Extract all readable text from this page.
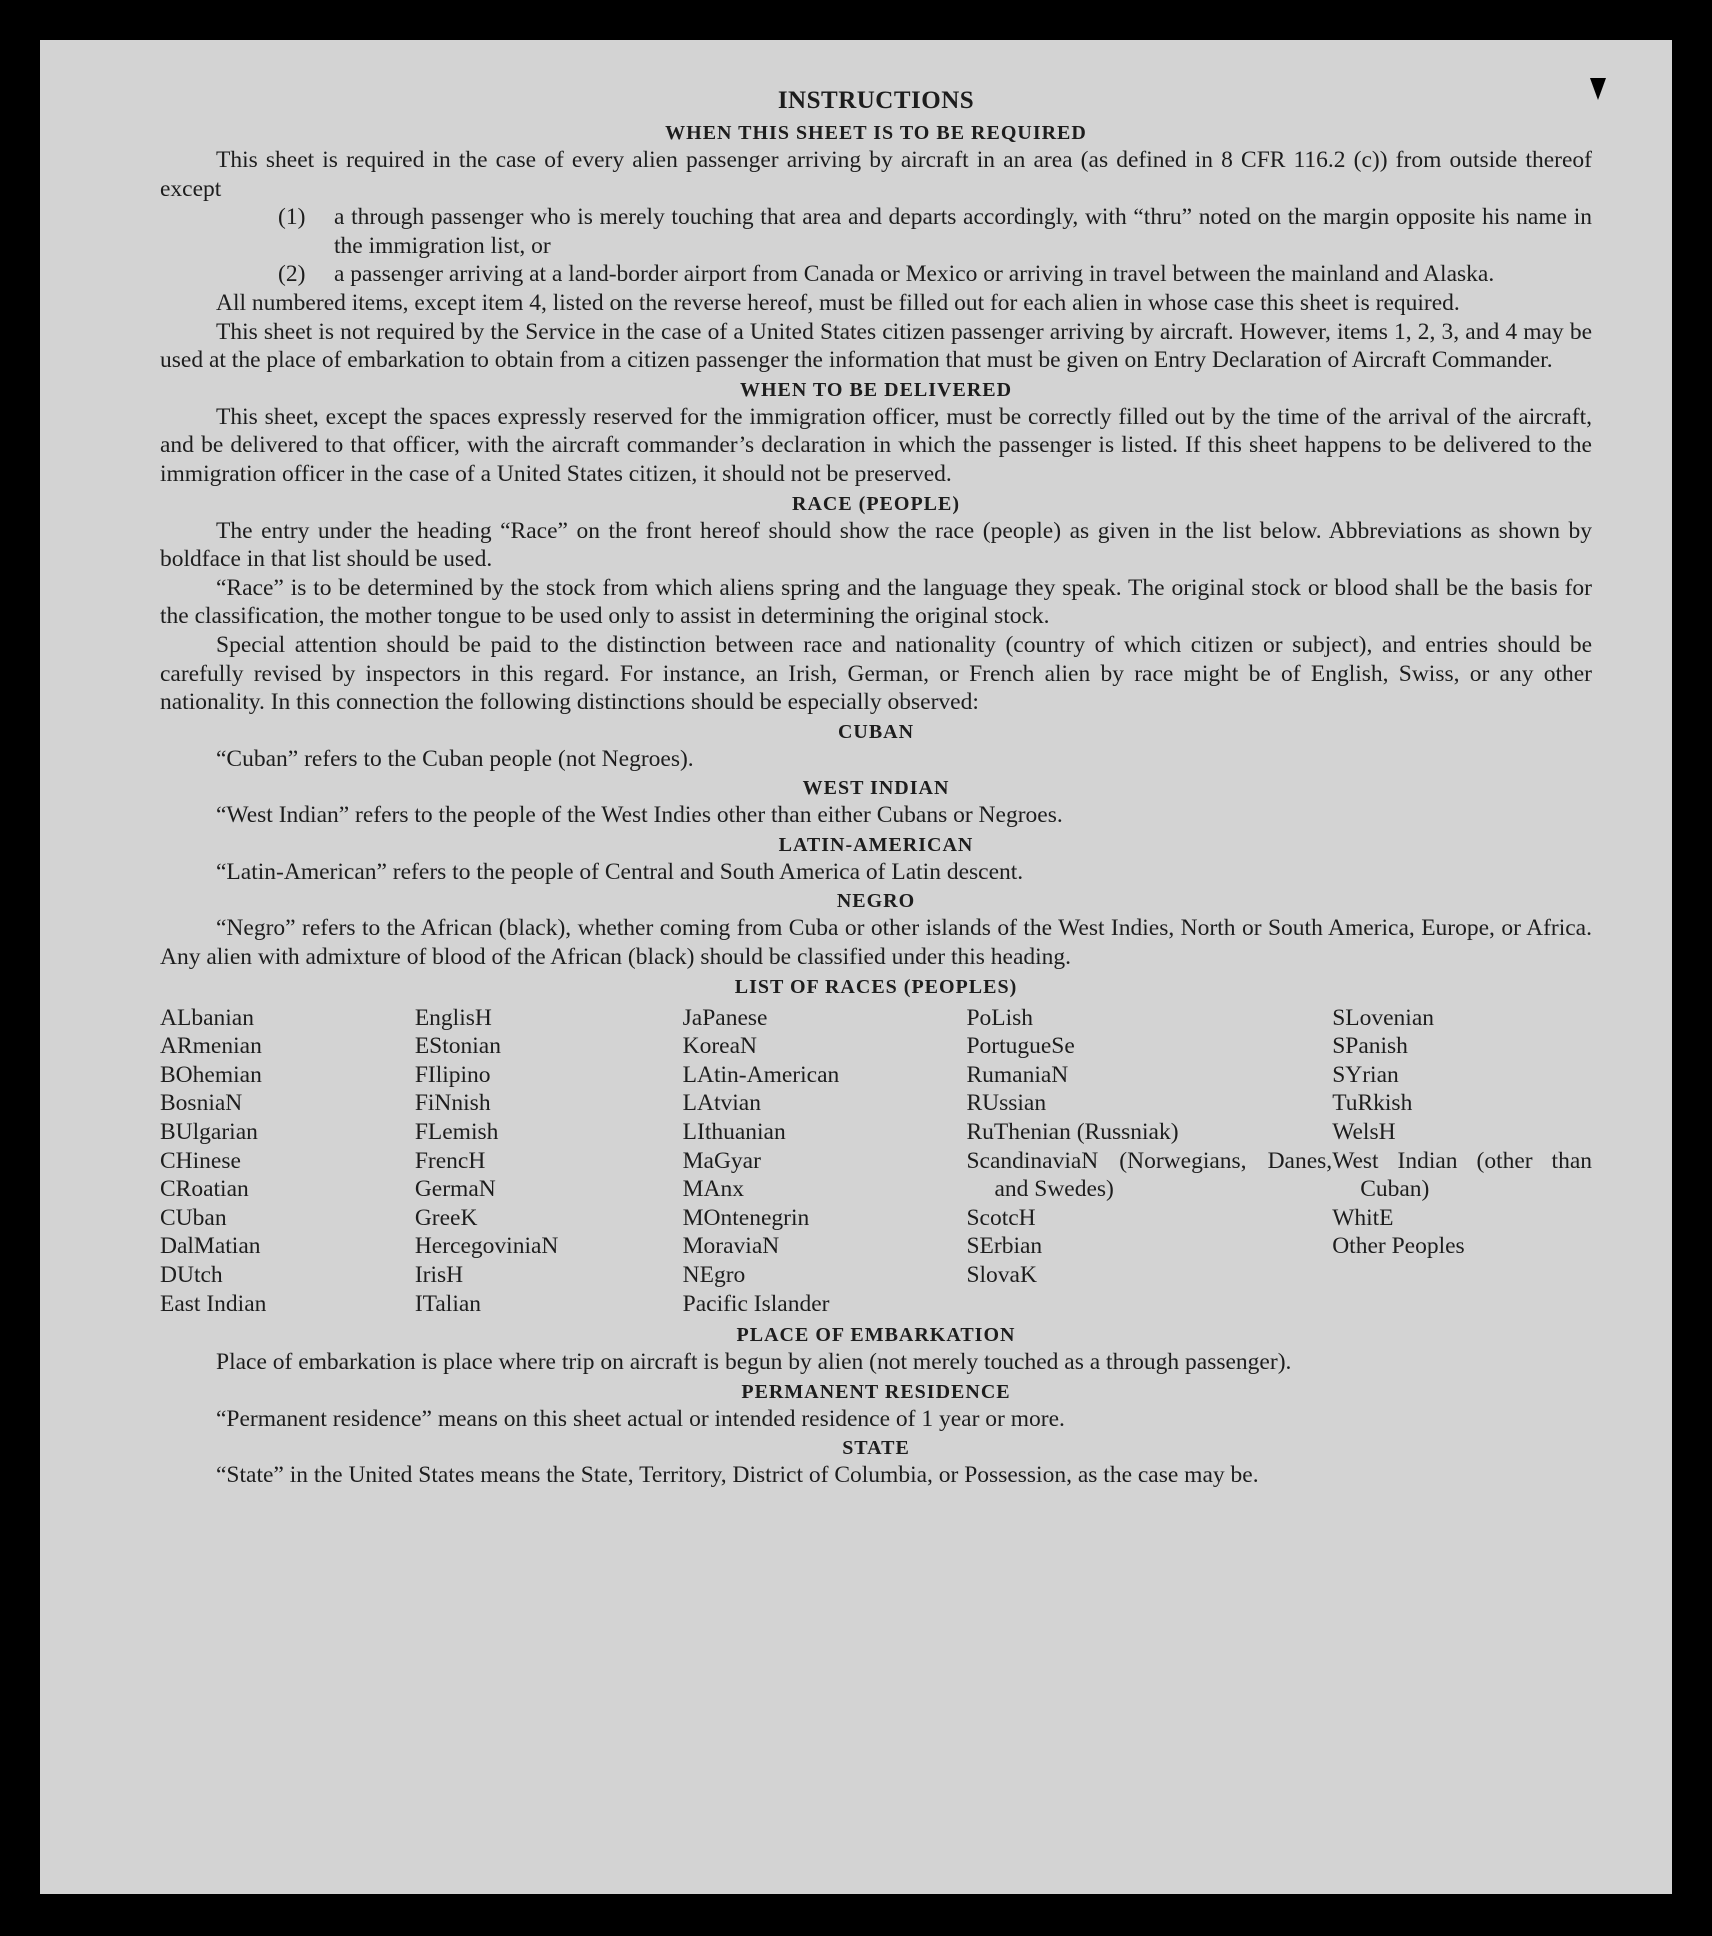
INSTRUCTIONS
WHEN THIS SHEET IS TO BE REQUIRED

This sheet is required in the case of every alien passenger arriving by aircraft in an area (as defined in 8 CFR 116.2 (c)) from outside thereof except

(1)	a through passenger who is merely touching that area and departs accordingly, with “thru” noted on the margin opposite his name in the immigration list, or
(2)	a passenger arriving at a land-border airport from Canada or Mexico or arriving in travel between the mainland and Alaska.

All numbered items, except item 4, listed on the reverse hereof, must be filled out for each alien in whose case this sheet is required.

This sheet is not required by the Service in the case of a United States citizen passenger arriving by aircraft. However, items 1, 2, 3, and 4 may be used at the place of embarkation to obtain from a citizen passenger the information that must be given on Entry Declaration of Aircraft Commander.

WHEN TO BE DELIVERED

This sheet, except the spaces expressly reserved for the immigration officer, must be correctly filled out by the time of the arrival of the aircraft, and be delivered to that officer, with the aircraft commander’s declaration in which the passenger is listed. If this sheet happens to be delivered to the immigration officer in the case of a United States citizen, it should not be preserved.

RACE (PEOPLE)

The entry under the heading “Race” on the front hereof should show the race (people) as given in the list below. Abbreviations as shown by boldface in that list should be used.

“Race” is to be determined by the stock from which aliens spring and the language they speak. The original stock or blood shall be the basis for the classification, the mother tongue to be used only to assist in determining the original stock.

Special attention should be paid to the distinction between race and nationality (country of which citizen or subject), and entries should be carefully revised by inspectors in this regard. For instance, an Irish, German, or French alien by race might be of English, Swiss, or any other nationality. In this connection the following distinctions should be especially observed:

CUBAN

“Cuban” refers to the Cuban people (not Negroes).

WEST INDIAN

“West Indian” refers to the people of the West Indies other than either Cubans or Negroes.

LATIN-AMERICAN

“Latin-American” refers to the people of Central and South America of Latin descent.

NEGRO

“Negro” refers to the African (black), whether coming from Cuba or other islands of the West Indies, North or South America, Europe, or Africa. Any alien with admixture of blood of the African (black) should be classified under this heading.

LIST OF RACES (PEOPLES)
ALbanian
ARmenian
BOhemian
BosniaN
BUlgarian
CHinese
CRoatian
CUban
DalMatian
DUtch
East Indian
EnglisH
EStonian
FIlipino
FiNnish
FLemish
FrencH
GermaN
GreeK
HercegoviniaN
IrisH
ITalian
JaPanese
KoreaN
LAtin-American
LAtvian
LIthuanian
MaGyar
MAnx
MOntenegrin
MoraviaN
NEgro
Pacific Islander
PoLish
PortugueSe
RumaniaN
RUssian
RuThenian (Russniak)
ScandinaviaN (Norwegians, Danes, and Swedes)
ScotcH
SErbian
SlovaK
SLovenian
SPanish
SYrian
TuRkish
WelsH
West Indian (other than Cuban)
WhitE
Other Peoples
PLACE OF EMBARKATION

Place of embarkation is place where trip on aircraft is begun by alien (not merely touched as a through passenger).

PERMANENT RESIDENCE

“Permanent residence” means on this sheet actual or intended residence of 1 year or more.

STATE

“State” in the United States means the State, Territory, District of Columbia, or Possession, as the case may be.
